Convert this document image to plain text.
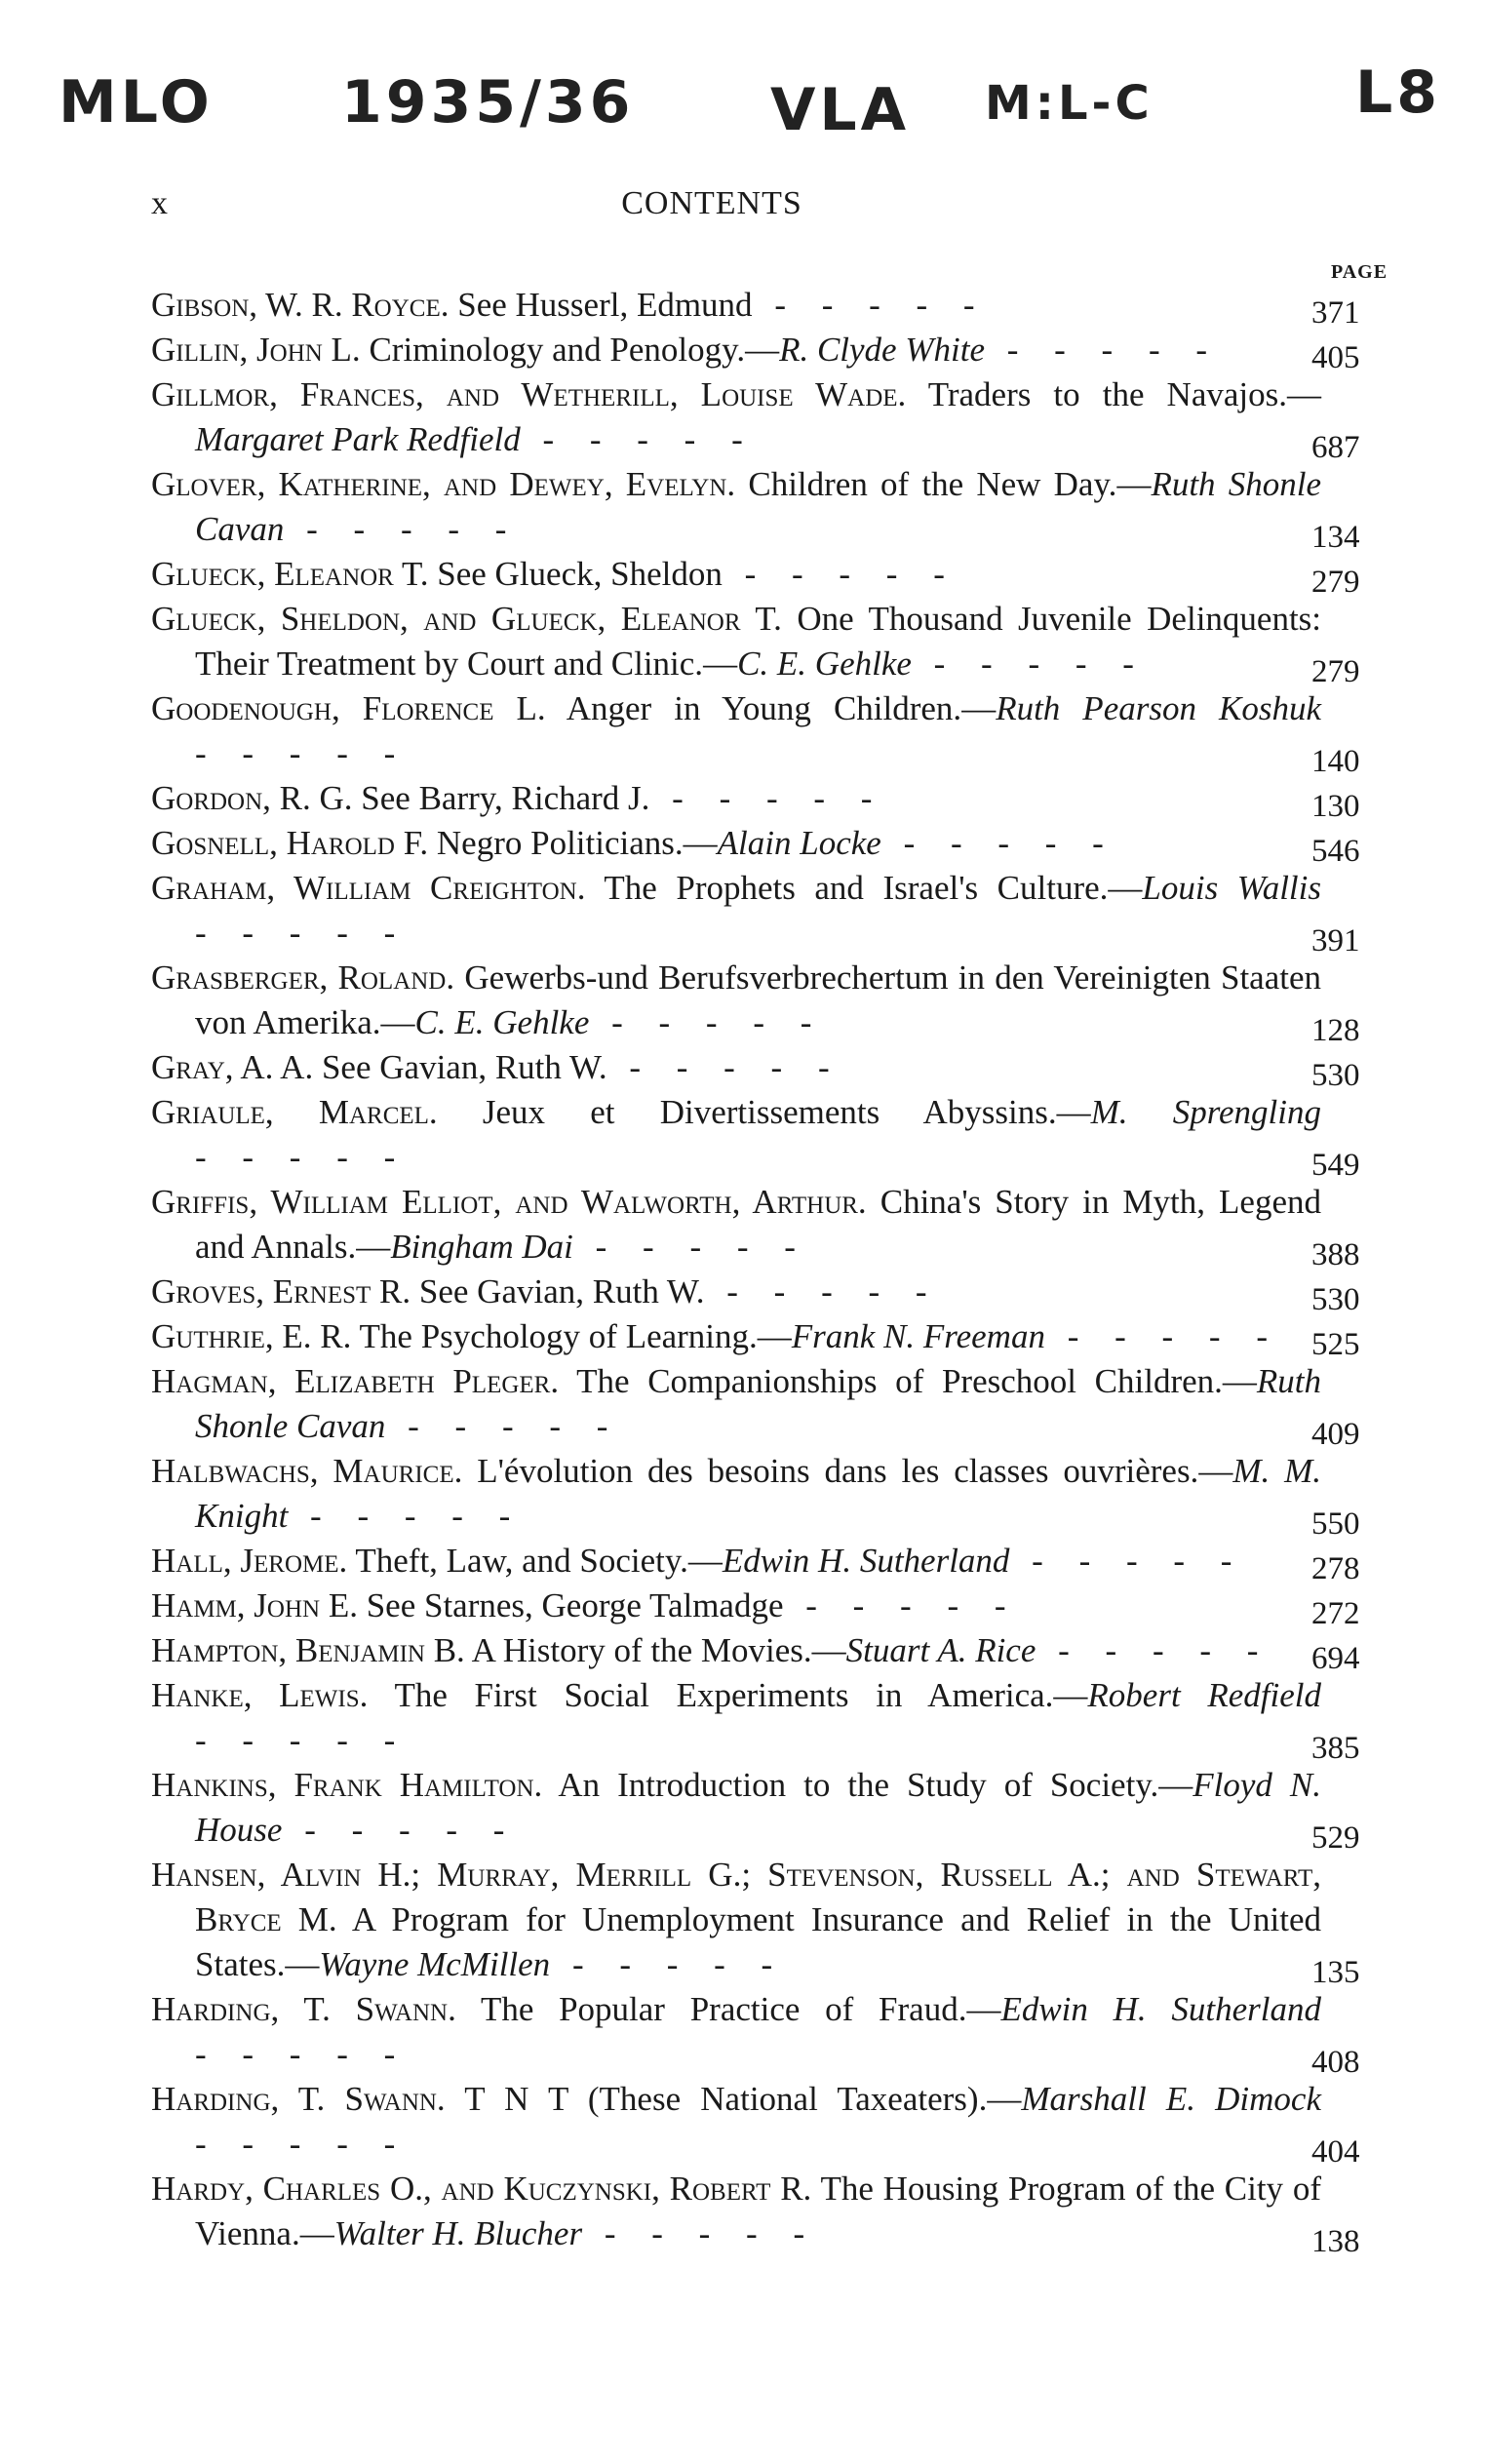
MLO 1935/36 VLA M:L-C	L8
x	CONTENTS
PAGE
Gibson, W. R. Royce. See Husserl, Edmund - - - - -	371
Gillin, John L. Criminology and Penology.—R. Clyde White - - - - -	405
Gillmor, Frances, and Wetherill, Louise Wade. Traders to the Navajos.—Margaret Park Redfield - - - - -	687
Glover, Katherine, and Dewey, Evelyn. Children of the New Day.—Ruth Shonle Cavan - - - - -	134
Glueck, Eleanor T. See Glueck, Sheldon - - - - -	279
Glueck, Sheldon, and Glueck, Eleanor T. One Thousand Juvenile Delinquents: Their Treatment by Court and Clinic.—C. E. Gehlke - - - - -	279
Goodenough, Florence L. Anger in Young Children.—Ruth Pearson Koshuk - - - - -	140
Gordon, R. G. See Barry, Richard J. - - - - -	130
Gosnell, Harold F. Negro Politicians.—Alain Locke - - - - -	546
Graham, William Creighton. The Prophets and Israel's Culture.—Louis Wallis - - - - -	391
Grasberger, Roland. Gewerbs-und Berufsverbrechertum in den Vereinigten Staaten von Amerika.—C. E. Gehlke - - - - -	128
Gray, A. A. See Gavian, Ruth W. - - - - -	530
Griaule, Marcel. Jeux et Divertissements Abyssins.—M. Sprengling - - - - -	549
Griffis, William Elliot, and Walworth, Arthur. China's Story in Myth, Legend and Annals.—Bingham Dai - - - - -	388
Groves, Ernest R. See Gavian, Ruth W. - - - - -	530
Guthrie, E. R. The Psychology of Learning.—Frank N. Freeman - - - - - 525
Hagman, Elizabeth Pleger. The Companionships of Preschool Children.—Ruth Shonle Cavan - - - - -	409
Halbwachs, Maurice. L'évolution des besoins dans les classes ouvrières.—M. M. Knight - - - - -	550
Hall, Jerome. Theft, Law, and Society.—Edwin H. Sutherland - - - - -	278
Hamm, John E. See Starnes, George Talmadge - - - - -	272
Hampton, Benjamin B. A History of the Movies.—Stuart A. Rice - - - - -	694
Hanke, Lewis. The First Social Experiments in America.—Robert Redfield - - - - -	385
Hankins, Frank Hamilton. An Introduction to the Study of Society.—Floyd N. House - - - - -	529
Hansen, Alvin H.; Murray, Merrill G.; Stevenson, Russell A.; and Stewart, Bryce M. A Program for Unemployment Insurance and Relief in the United States.—Wayne McMillen - - - - -	135
Harding, T. Swann. The Popular Practice of Fraud.—Edwin H. Sutherland - - - - -	408
Harding, T. Swann. T N T (These National Taxeaters).—Marshall E. Dimock - - - - -	404
Hardy, Charles O., and Kuczynski, Robert R. The Housing Program of the City of Vienna.—Walter H. Blucher - - - - -	138
